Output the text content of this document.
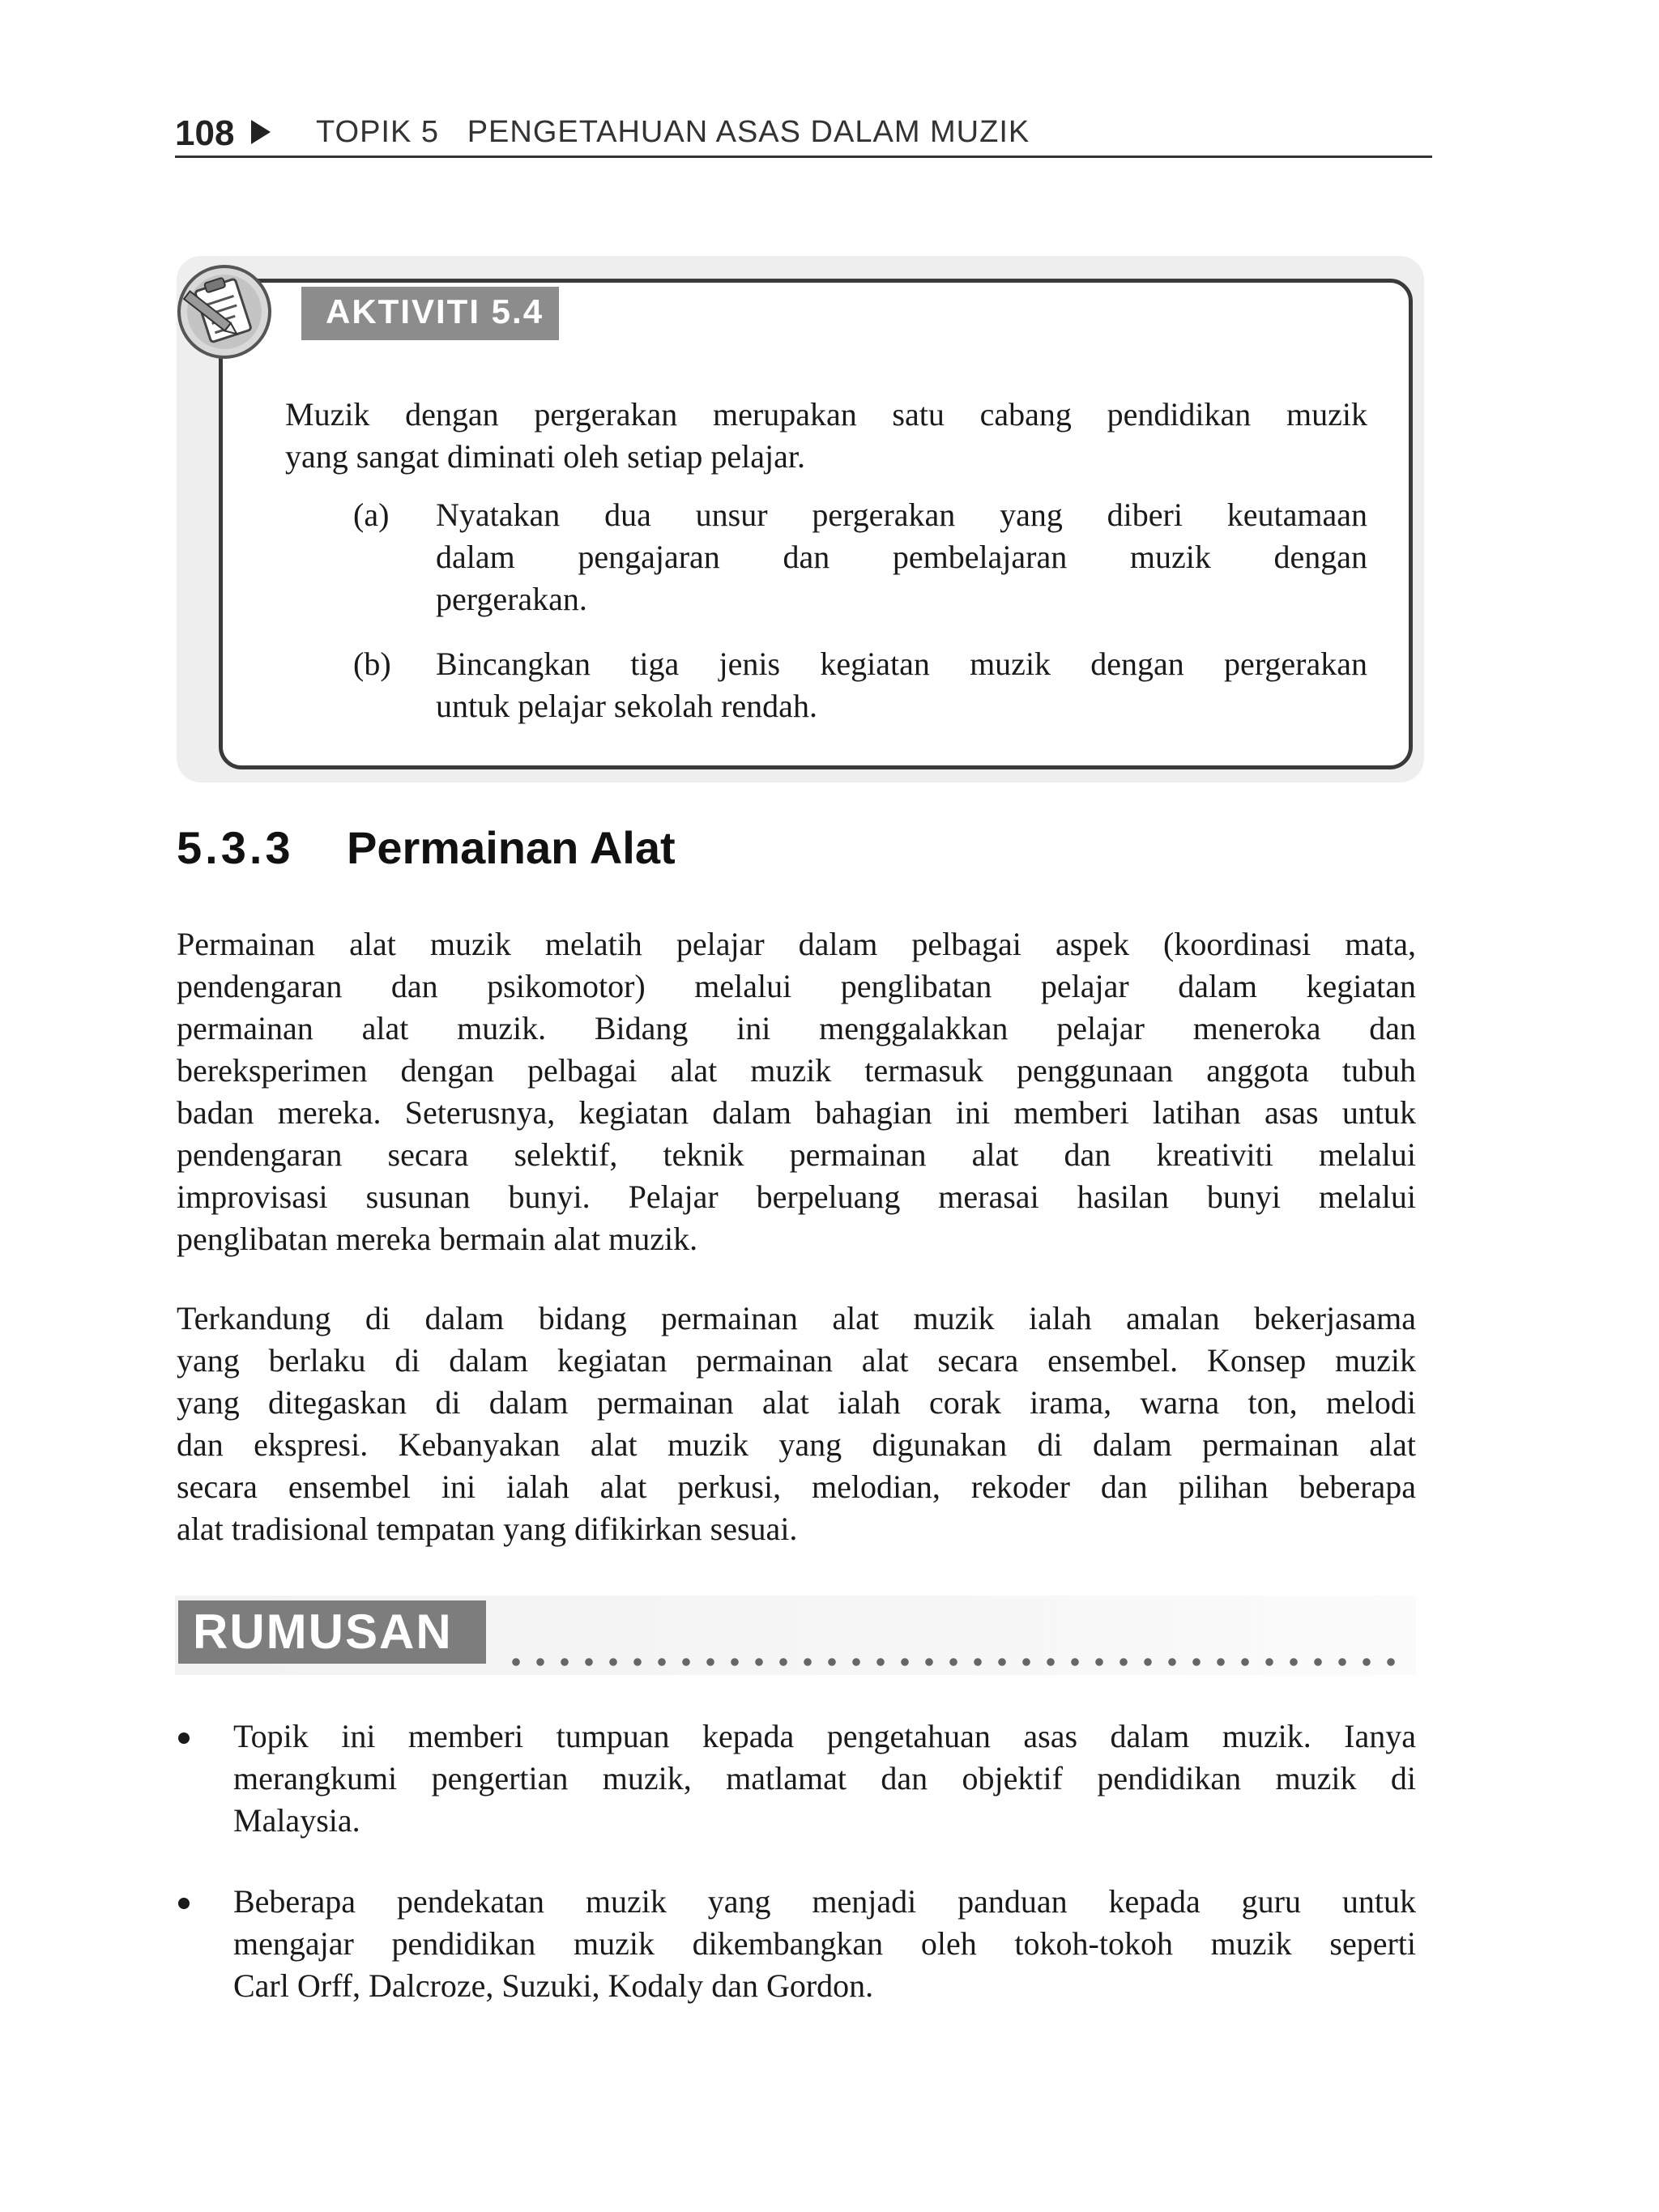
108	TOPIK 5   PENGETAHUAN ASAS DALAM MUZIK
AKTIVITI 5.4
Muzik dengan pergerakan merupakan satu cabang pendidikan muzik
yang sangat diminati oleh setiap pelajar.
(a) Nyatakan dua unsur pergerakan yang diberi keutamaan
dalam pengajaran dan pembelajaran muzik dengan
pergerakan.
(b) Bincangkan tiga jenis kegiatan muzik dengan pergerakan
untuk pelajar sekolah rendah.
5.3.3 Permainan Alat
Permainan alat muzik melatih pelajar dalam pelbagai aspek (koordinasi mata,
pendengaran dan psikomotor) melalui penglibatan pelajar dalam kegiatan
permainan alat muzik. Bidang ini menggalakkan pelajar meneroka dan
bereksperimen dengan pelbagai alat muzik termasuk penggunaan anggota tubuh
badan mereka. Seterusnya, kegiatan dalam bahagian ini memberi latihan asas untuk
pendengaran secara selektif, teknik permainan alat dan kreativiti melalui
improvisasi susunan bunyi. Pelajar berpeluang merasai hasilan bunyi melalui
penglibatan mereka bermain alat muzik.
Terkandung di dalam bidang permainan alat muzik ialah amalan bekerjasama
yang berlaku di dalam kegiatan permainan alat secara ensembel. Konsep muzik
yang ditegaskan di dalam permainan alat ialah corak irama, warna ton, melodi
dan ekspresi. Kebanyakan alat muzik yang digunakan di dalam permainan alat
secara ensembel ini ialah alat perkusi, melodian, rekoder dan pilihan beberapa
alat tradisional tempatan yang difikirkan sesuai.
RUMUSAN
Topik ini memberi tumpuan kepada pengetahuan asas dalam muzik. Ianya
merangkumi pengertian muzik, matlamat dan objektif pendidikan muzik di
Malaysia.
Beberapa pendekatan muzik yang menjadi panduan kepada guru untuk
mengajar pendidikan muzik dikembangkan oleh tokoh-tokoh muzik seperti
Carl Orff, Dalcroze, Suzuki, Kodaly dan Gordon.
